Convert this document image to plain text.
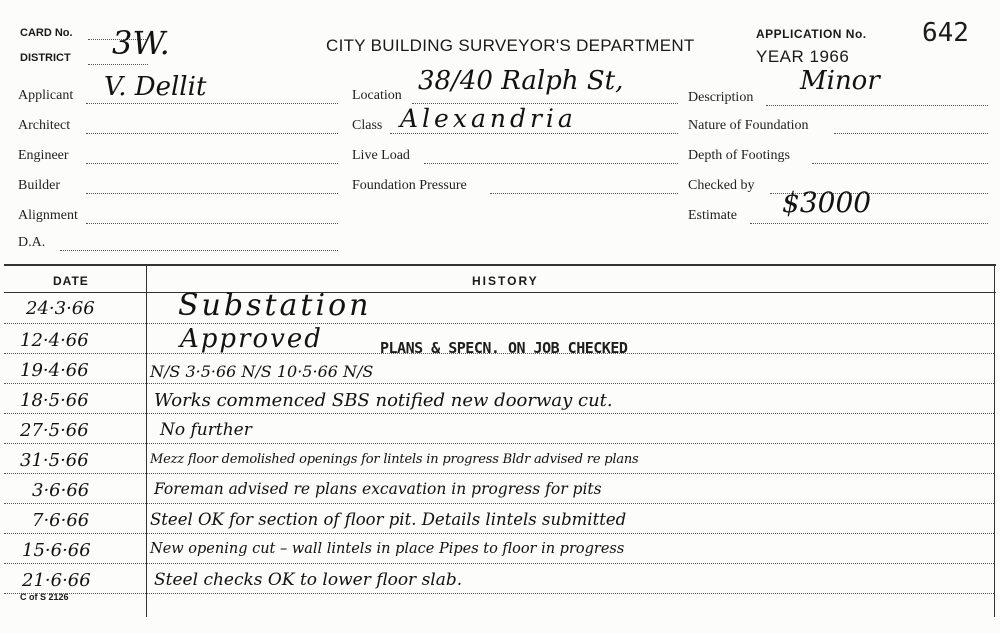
CARD No.
DISTRICT 3W.	CITY BUILDING SURVEYOR'S DEPARTMENT
APPLICATION No. 642
YEAR 1966
Applicant V. Dellit
Architect
Engineer
Builder
Alignment
D.A.
Location 38/40 Ralph St,
Class Alexandria
Live Load
Foundation Pressure
Description
Minor
Nature of Foundation
Depth of Footings
Checked by
Estimate $3000
DATE	HISTORY
24·3·66	Substation
12·4·66	Approved	PLANS & SPECN. ON JOB CHECKED
19·4·66	N/S 3·5·66 N/S 10·5·66 N/S
18·5·66	Works commenced SBS notified new doorway cut.
27·5·66	No further
31·5·66	Mezz floor demolished openings for lintels in progress Bldr advised re plans
3·6·66	Foreman advised re plans excavation in progress for pits
7·6·66	Steel OK for section of floor pit. Details lintels submitted
15·6·66	New opening cut – wall lintels in place Pipes to floor in progress
21·6·66	Steel checks OK to lower floor slab.
C of S 2126
